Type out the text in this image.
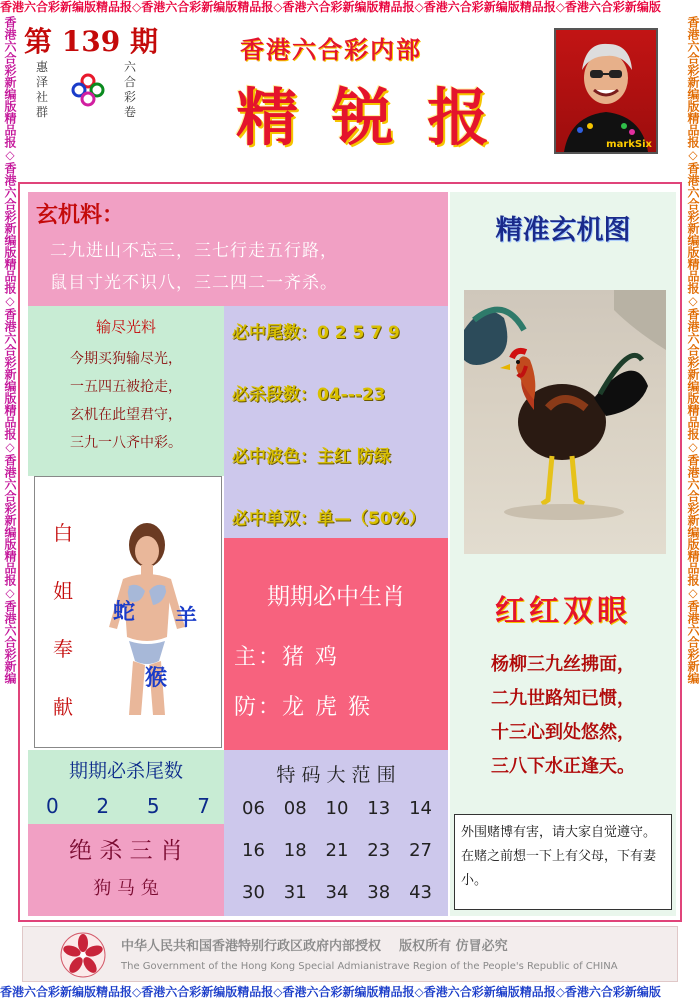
香港六合彩新编版精品报◇香港六合彩新编版精品报◇香港六合彩新编版精品报◇香港六合彩新编版精品报◇香港六合彩新编版
香港六合彩新编版精品报◇香港六合彩新编版精品报◇香港六合彩新编版精品报◇香港六合彩新编版精品报◇香港六合彩新编版
香港六合彩新编版精品报◇香港六合彩新编版精品报◇香港六合彩新编版精品报◇香港六合彩新编版精品报◇香港六合彩新编	香港六合彩新编版精品报◇香港六合彩新编版精品报◇香港六合彩新编版精品报◇香港六合彩新编版精品报◇香港六合彩新编
第 139 期
惠泽社群
六合彩卷
香港六合彩内部
精 锐 报	markSix
玄机料：
二九进山不忘三，三七行走五行路，
鼠目寸光不识八，三二四二一齐杀。
输尽光料
今期买狗输尽光，
一五四五被抢走，
玄机在此望君守，
三九一八齐中彩。
必中尾数：0 2 5 7 9
必杀段数：04---23
必中波色：主红 防绿
必中单双：单—（50%）
白
姐
奉
献
蛇 羊
猴
期期必中生肖
主：猪 鸡
防：龙 虎 猴
期期必杀尾数
0 2 5 7
绝 杀 三 肖
狗 马 兔
特 码 大 范 围
06 08 10 13 14
16 18 21 23 27
30 31 34 38 43
精准玄机图
红红双眼
杨柳三九丝拂面，
二九世路知已惯，
十三心到处悠然，
三八下水正逢天。
外围赌博有害，请大家自觉遵守。在赌之前想一下上有父母，下有妻小。
中华人民共和国香港特别行政区政府内部授权    版权所有 仿冒必究
The Government of the Hong Kong Special Admianistrave Region of the People's Republic of CHINA
